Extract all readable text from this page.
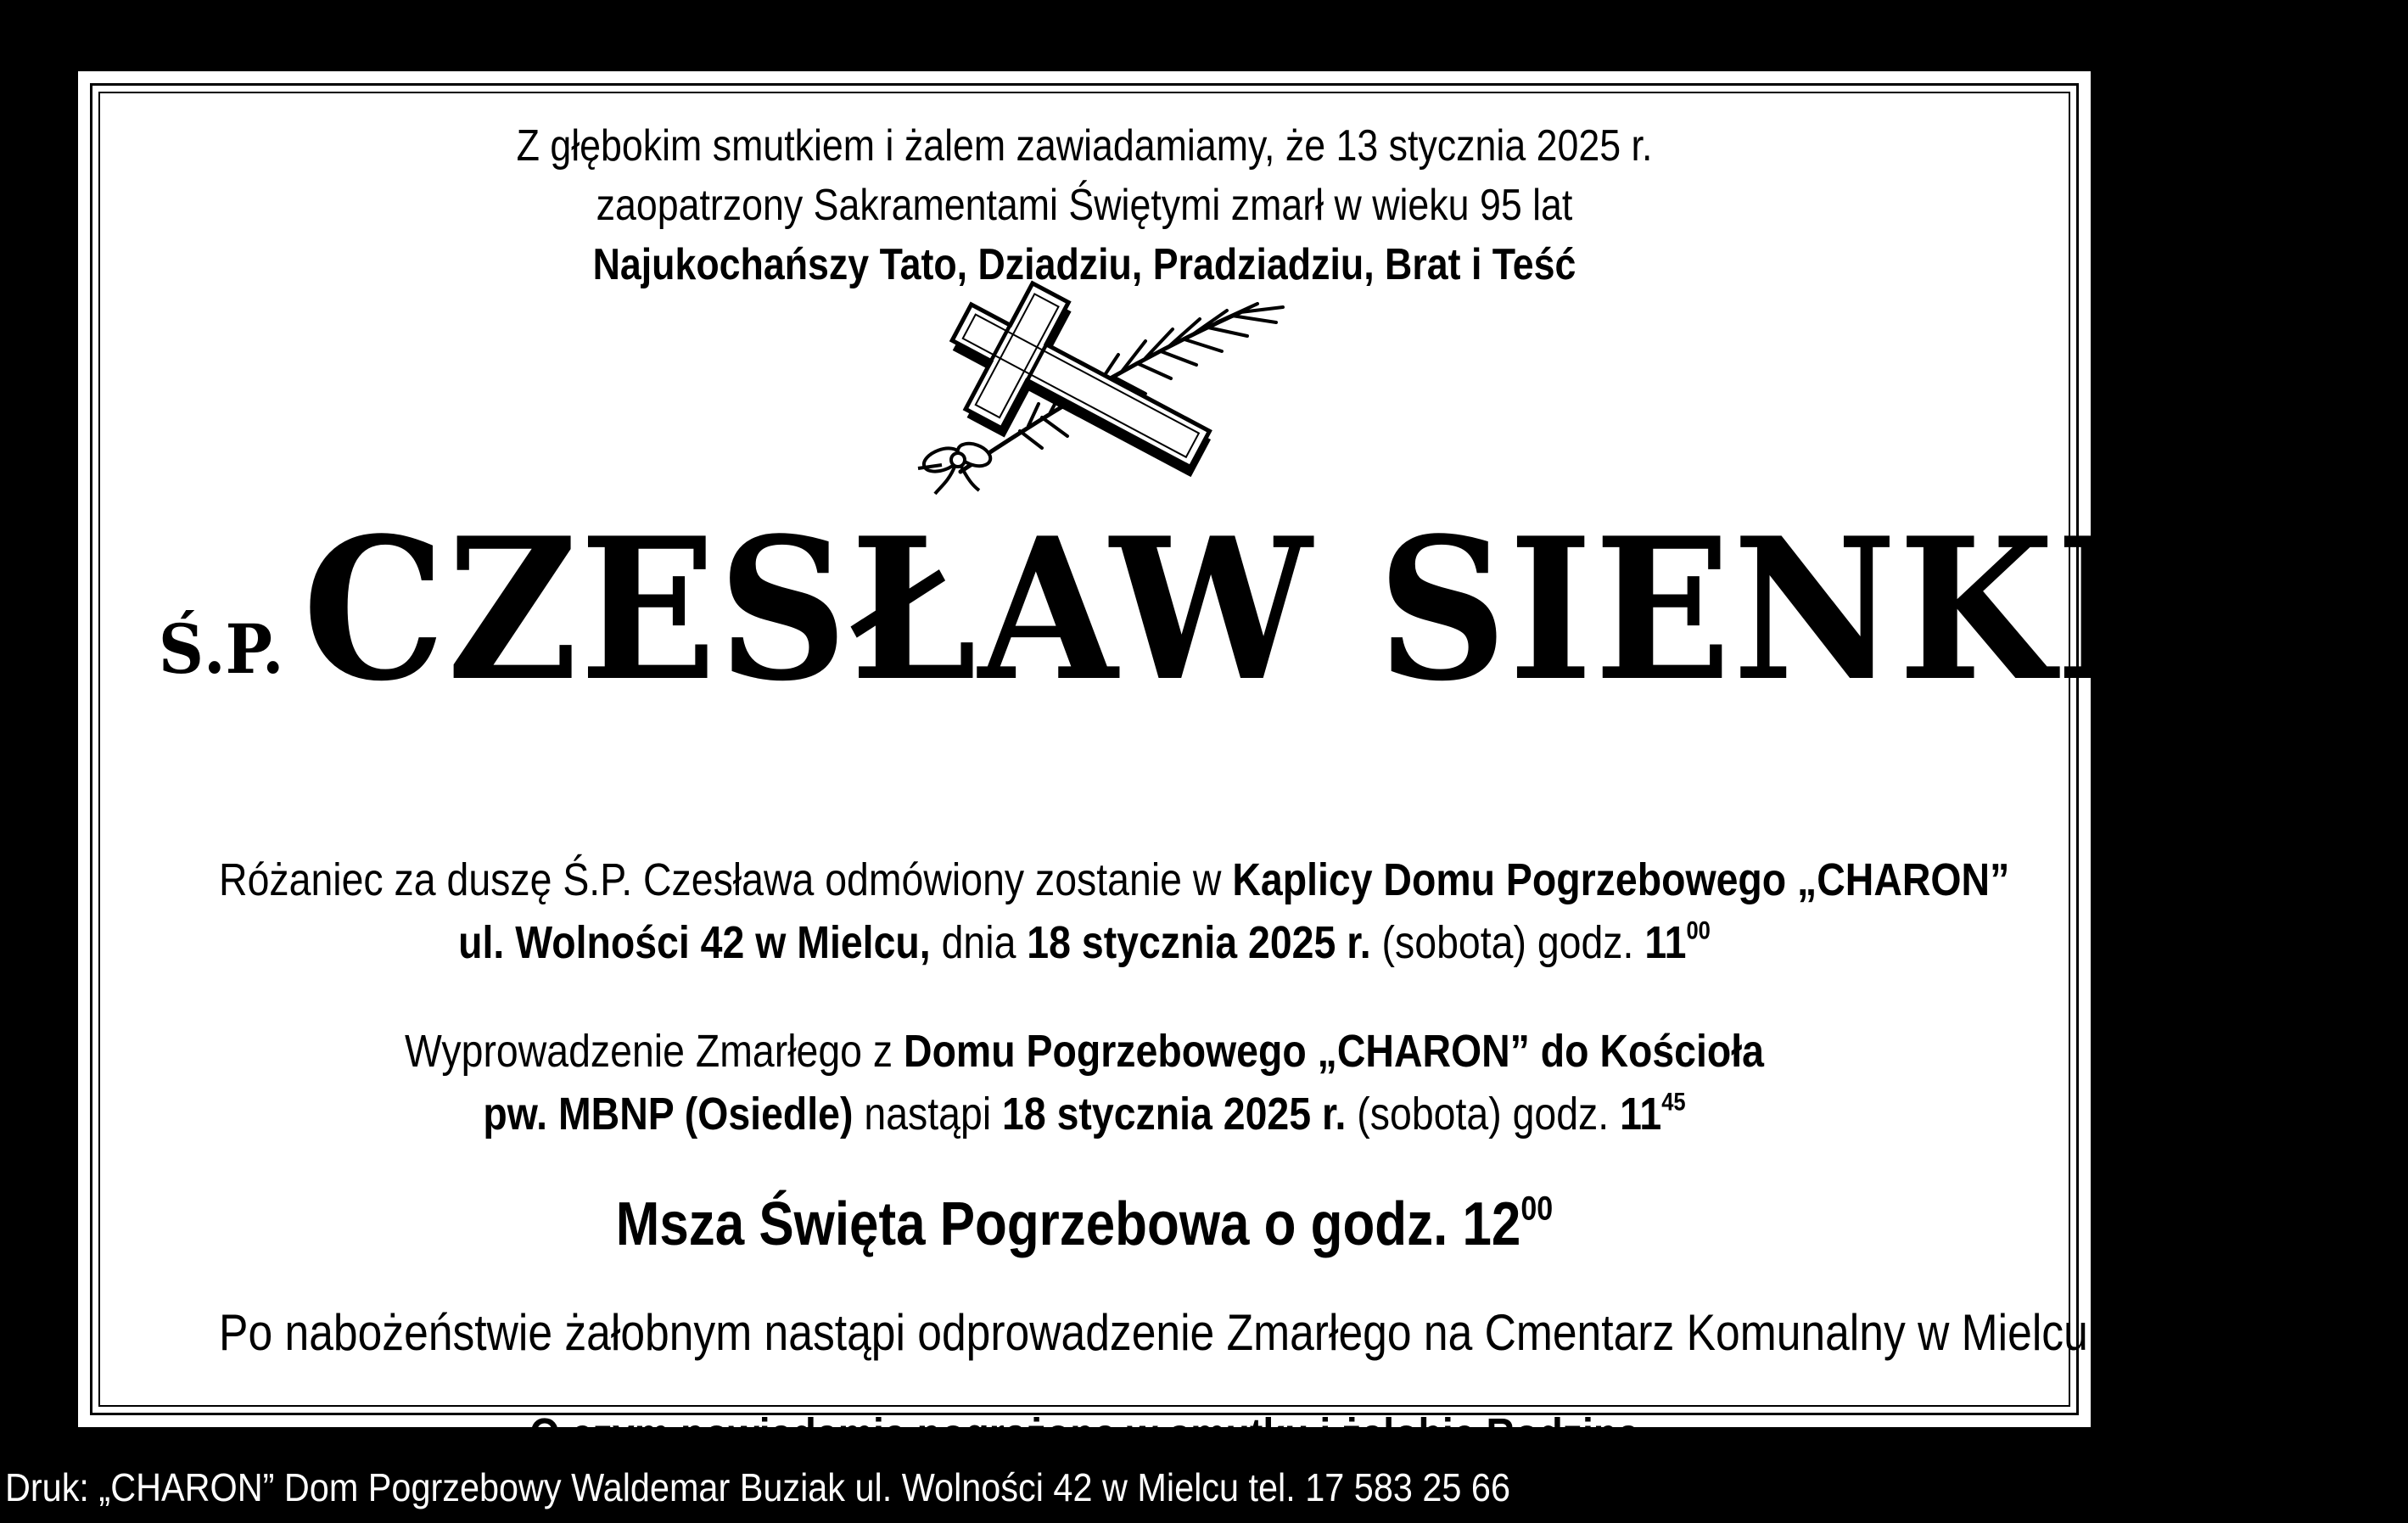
Z głębokim smutkiem i żalem zawiadamiamy, że 13 stycznia 2025 r.
zaopatrzony Sakramentami Świętymi zmarł w wieku 95 lat
Najukochańszy Tato, Dziadziu, Pradziadziu, Brat i Teść
Ś.P.CZESŁAW SIENKIEL
Różaniec za duszę Ś.P. Czesława odmówiony zostanie w Kaplicy Domu Pogrzebowego „CHARON”
ul. Wolności 42 w Mielcu, dnia 18 stycznia 2025 r. (sobota) godz. $11^{00}$
Wyprowadzenie Zmarłego z Domu Pogrzebowego „CHARON” do Kościoła
pw. MBNP (Osiedle) nastąpi 18 stycznia 2025 r. (sobota) godz. $11^{45}$
Msza Święta Pogrzebowa o godz. $12^{00}$
Po nabożeństwie żałobnym nastąpi odprowadzenie Zmarłego na Cmentarz Komunalny w Mielcu.
O czym powiadamia pogrążona w smutku i żałobie Rodzina
Druk: „CHARON” Dom Pogrzebowy Waldemar Buziak ul. Wolności 42 w Mielcu tel. 17 583 25 66
